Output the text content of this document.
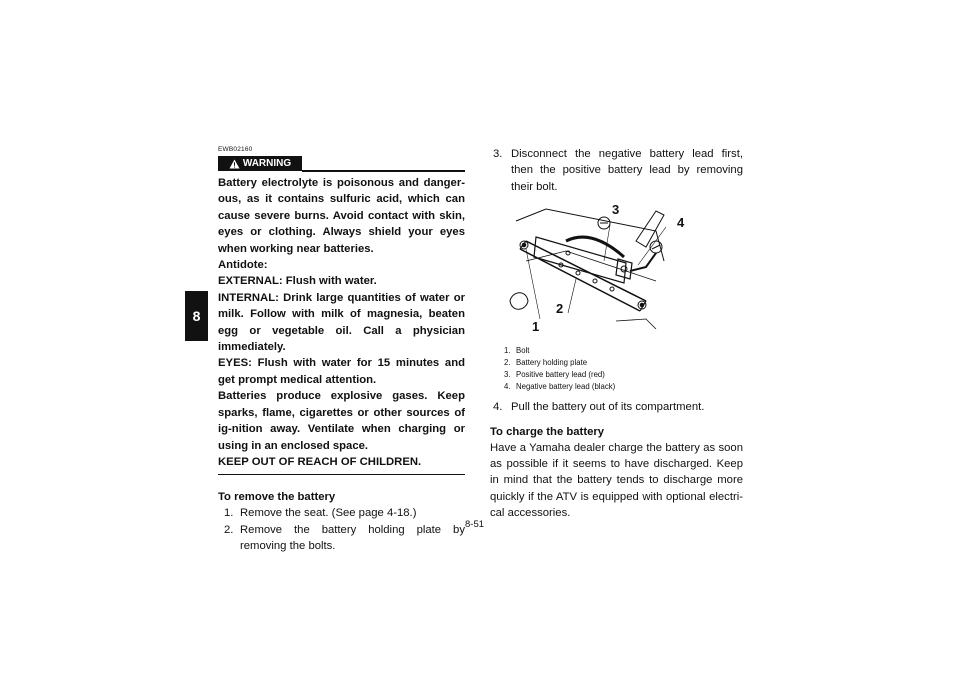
8
EWB02160
WARNING

Battery electrolyte is poisonous and danger-ous, as it contains sulfuric acid, which can cause severe burns. Avoid contact with skin, eyes or clothing. Always shield your eyes when working near batteries.

Antidote:

EXTERNAL: Flush with water.

INTERNAL: Drink large quantities of water or milk. Follow with milk of magnesia, beaten egg or vegetable oil. Call a physician immediately.

EYES: Flush with water for 15 minutes and get prompt medical attention.

Batteries produce explosive gases. Keep sparks, flame, cigarettes or other sources of ig-nition away. Ventilate when charging or using in an enclosed space.

KEEP OUT OF REACH OF CHILDREN.

To remove the battery
1. Remove the seat. (See page 4-18.)
2. Remove the battery holding plate by removing the bolts.
3. Disconnect the negative battery lead first, then the positive battery lead by removing their bolt.
1
2
3
4
1. Bolt
2. Battery holding plate
3. Positive battery lead (red)
4. Negative battery lead (black)
4. Pull the battery out of its compartment.
To charge the battery

Have a Yamaha dealer charge the battery as soon as possible if it seems to have discharged. Keep in mind that the battery tends to discharge more quickly if the ATV is equipped with optional electri-cal accessories.

8-51
